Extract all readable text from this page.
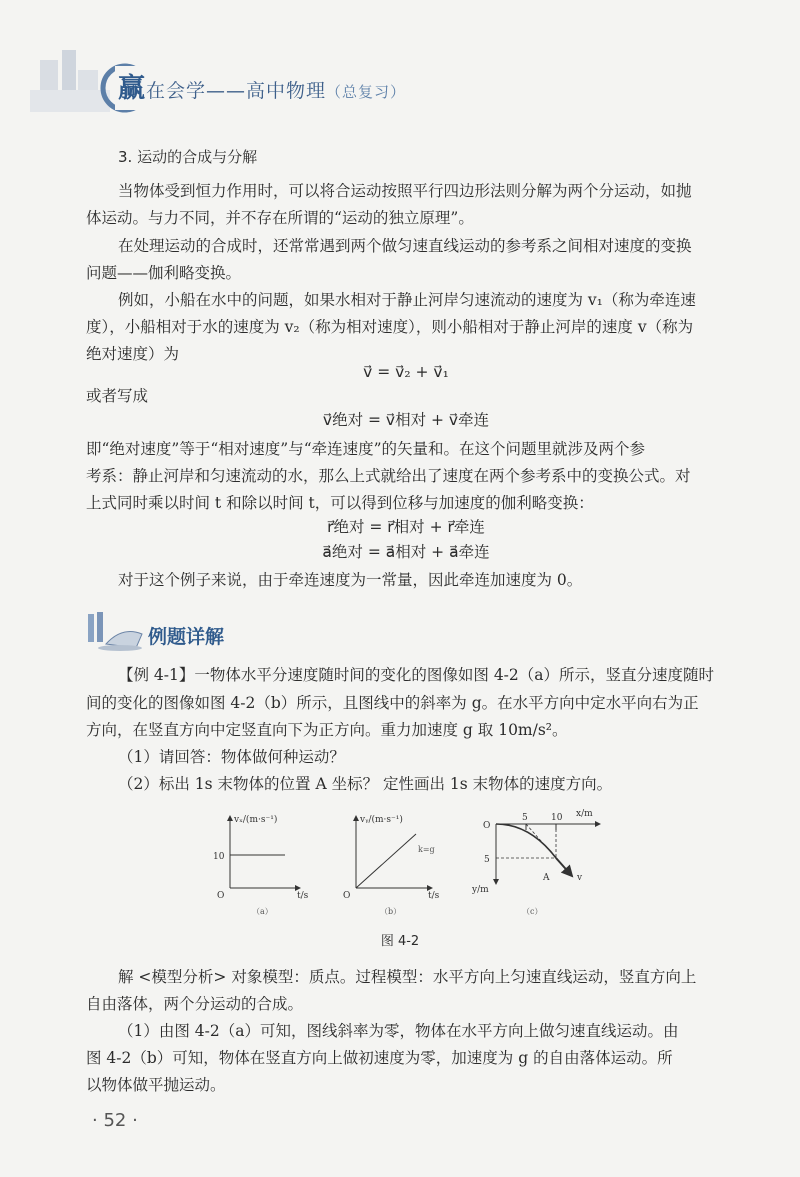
赢在会学——高中物理（总复习）
3. 运动的合成与分解
当物体受到恒力作用时，可以将合运动按照平行四边形法则分解为两个分运动，如抛
体运动。与力不同，并不存在所谓的“运动的独立原理”。
在处理运动的合成时，还常常遇到两个做匀速直线运动的参考系之间相对速度的变换
问题——伽利略变换。
例如，小船在水中的问题，如果水相对于静止河岸匀速流动的速度为 v₁（称为牵连速
度），小船相对于水的速度为 v₂（称为相对速度），则小船相对于静止河岸的速度 v（称为
绝对速度）为
v⃗ = v⃗₂ + v⃗₁
或者写成
v⃗绝对 = v⃗相对 + v⃗牵连
即“绝对速度”等于“相对速度”与“牵连速度”的矢量和。在这个问题里就涉及两个参
考系：静止河岸和匀速流动的水，那么上式就给出了速度在两个参考系中的变换公式。对
上式同时乘以时间 t 和除以时间 t，可以得到位移与加速度的伽利略变换：
r⃗绝对 = r⃗相对 + r⃗牵连
a⃗绝对 = a⃗相对 + a⃗牵连
对于这个例子来说，由于牵连速度为一常量，因此牵连加速度为 0。
例题详解
【例 4-1】一物体水平分速度随时间的变化的图像如图 4-2（a）所示，竖直分速度随时
间的变化的图像如图 4-2（b）所示，且图线中的斜率为 g。在水平方向中定水平向右为正
方向，在竖直方向中定竖直向下为正方向。重力加速度 g 取 10m/s²。
（1）请回答：物体做何种运动？
（2）标出 1s 末物体的位置 A 坐标？ 定性画出 1s 末物体的速度方向。
vₓ/(m·s⁻¹)
10
O	t/s
（a）
vᵧ/(m·s⁻¹)
k=g
O	t/s
（b）
O
5	10 x/m
5
y/m
A	v
（c）
图 4-2
解 <模型分析> 对象模型：质点。过程模型：水平方向上匀速直线运动，竖直方向上
自由落体，两个分运动的合成。
（1）由图 4-2（a）可知，图线斜率为零，物体在水平方向上做匀速直线运动。由
图 4-2（b）可知，物体在竖直方向上做初速度为零，加速度为 g 的自由落体运动。所
以物体做平抛运动。
· 52 ·
